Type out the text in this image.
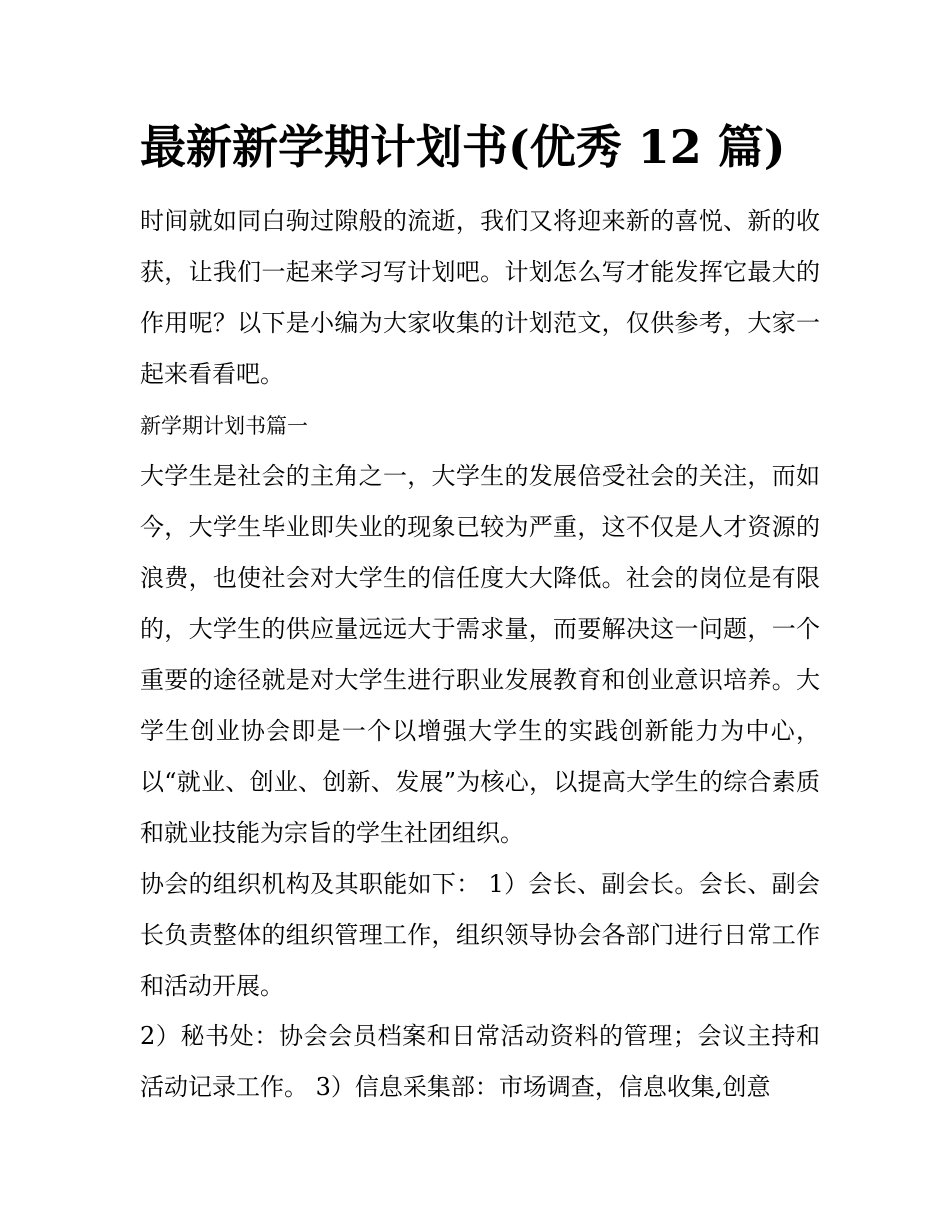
最新新学期计划书(优秀 12 篇)

时间就如同白驹过隙般的流逝，我们又将迎来新的喜悦、新的收获，让我们一起来学习写计划吧。计划怎么写才能发挥它最大的作用呢？以下是小编为大家收集的计划范文，仅供参考，大家一起来看看吧。

新学期计划书篇一

大学生是社会的主角之一，大学生的发展倍受社会的关注，而如今，大学生毕业即失业的现象已较为严重，这不仅是人才资源的浪费，也使社会对大学生的信任度大大降低。社会的岗位是有限的，大学生的供应量远远大于需求量，而要解决这一问题，一个重要的途径就是对大学生进行职业发展教育和创业意识培养。大学生创业协会即是一个以增强大学生的实践创新能力为中心，以“就业、创业、创新、发展”为核心，以提高大学生的综合素质和就业技能为宗旨的学生社团组织。

协会的组织机构及其职能如下： 1）会长、副会长。会长、副会长负责整体的组织管理工作，组织领导协会各部门进行日常工作和活动开展。

2）秘书处：协会会员档案和日常活动资料的管理；会议主持和活动记录工作。 3）信息采集部：市场调查，信息收集,创意
